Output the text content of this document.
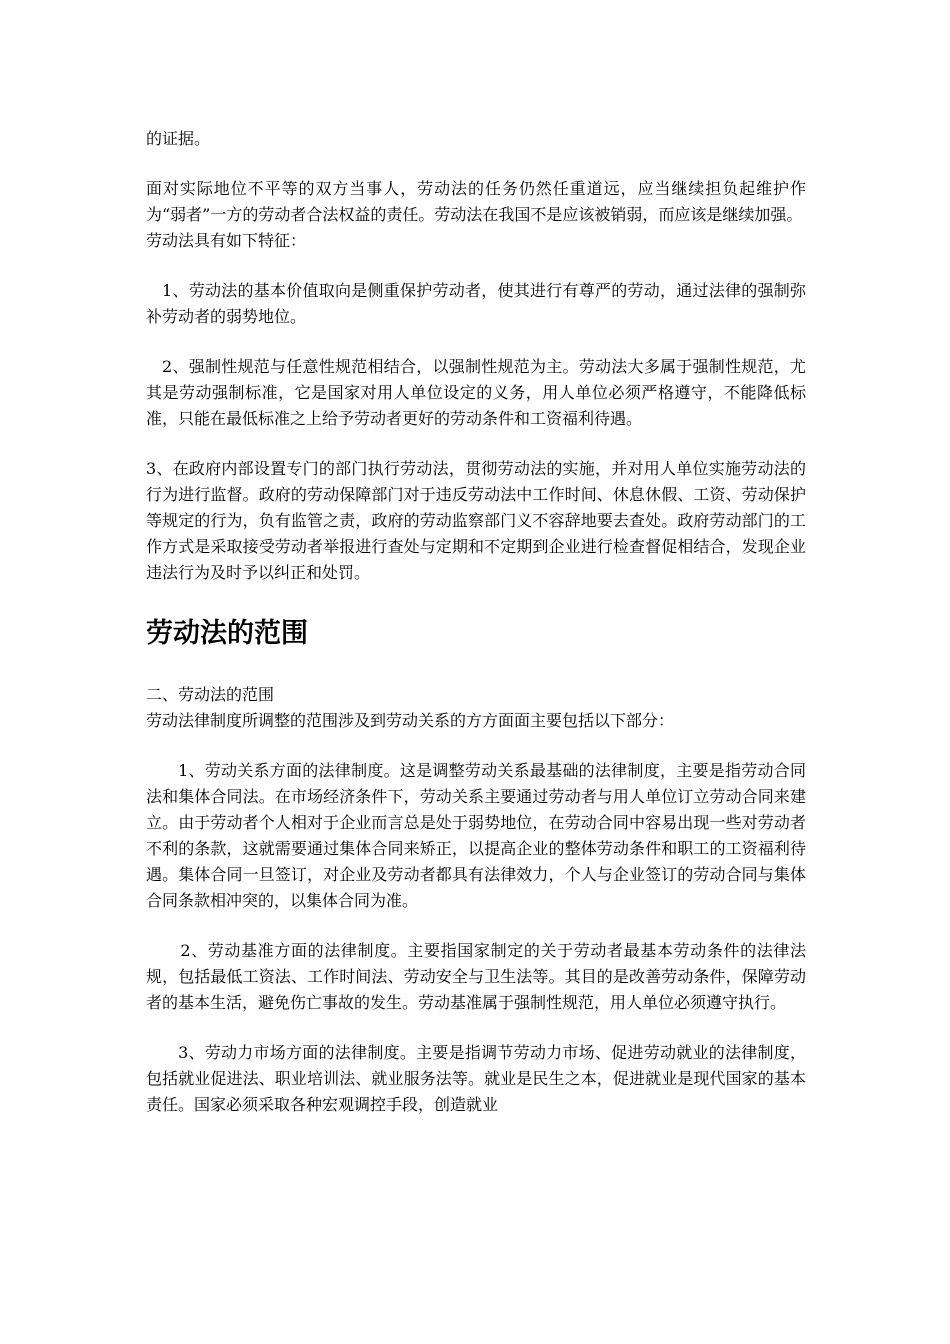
的证据。

面对实际地位不平等的双方当事人，劳动法的任务仍然任重道远，应当继续担负起维护作为“弱者”一方的劳动者合法权益的责任。劳动法在我国不是应该被销弱，而应该是继续加强。

劳动法具有如下特征：

1、劳动法的基本价值取向是侧重保护劳动者，使其进行有尊严的劳动，通过法律的强制弥补劳动者的弱势地位。

2、强制性规范与任意性规范相结合，以强制性规范为主。劳动法大多属于强制性规范，尤其是劳动强制标准，它是国家对用人单位设定的义务，用人单位必须严格遵守，不能降低标准，只能在最低标准之上给予劳动者更好的劳动条件和工资福利待遇。

3、在政府内部设置专门的部门执行劳动法，贯彻劳动法的实施，并对用人单位实施劳动法的行为进行监督。政府的劳动保障部门对于违反劳动法中工作时间、休息休假、工资、劳动保护等规定的行为，负有监管之责，政府的劳动监察部门义不容辞地要去查处。政府劳动部门的工作方式是采取接受劳动者举报进行查处与定期和不定期到企业进行检查督促相结合，发现企业违法行为及时予以纠正和处罚。

劳动法的范围

二、劳动法的范围

劳动法律制度所调整的范围涉及到劳动关系的方方面面主要包括以下部分：

1、劳动关系方面的法律制度。这是调整劳动关系最基础的法律制度，主要是指劳动合同法和集体合同法。在市场经济条件下，劳动关系主要通过劳动者与用人单位订立劳动合同来建立。由于劳动者个人相对于企业而言总是处于弱势地位，在劳动合同中容易出现一些对劳动者不利的条款，这就需要通过集体合同来矫正，以提高企业的整体劳动条件和职工的工资福利待遇。集体合同一旦签订，对企业及劳动者都具有法律效力，个人与企业签订的劳动合同与集体合同条款相冲突的，以集体合同为准。

2、劳动基准方面的法律制度。主要指国家制定的关于劳动者最基本劳动条件的法律法规，包括最低工资法、工作时间法、劳动安全与卫生法等。其目的是改善劳动条件，保障劳动者的基本生活，避免伤亡事故的发生。劳动基准属于强制性规范，用人单位必须遵守执行。

3、劳动力市场方面的法律制度。主要是指调节劳动力市场、促进劳动就业的法律制度，包括就业促进法、职业培训法、就业服务法等。就业是民生之本，促进就业是现代国家的基本责任。国家必须采取各种宏观调控手段，创造就业
